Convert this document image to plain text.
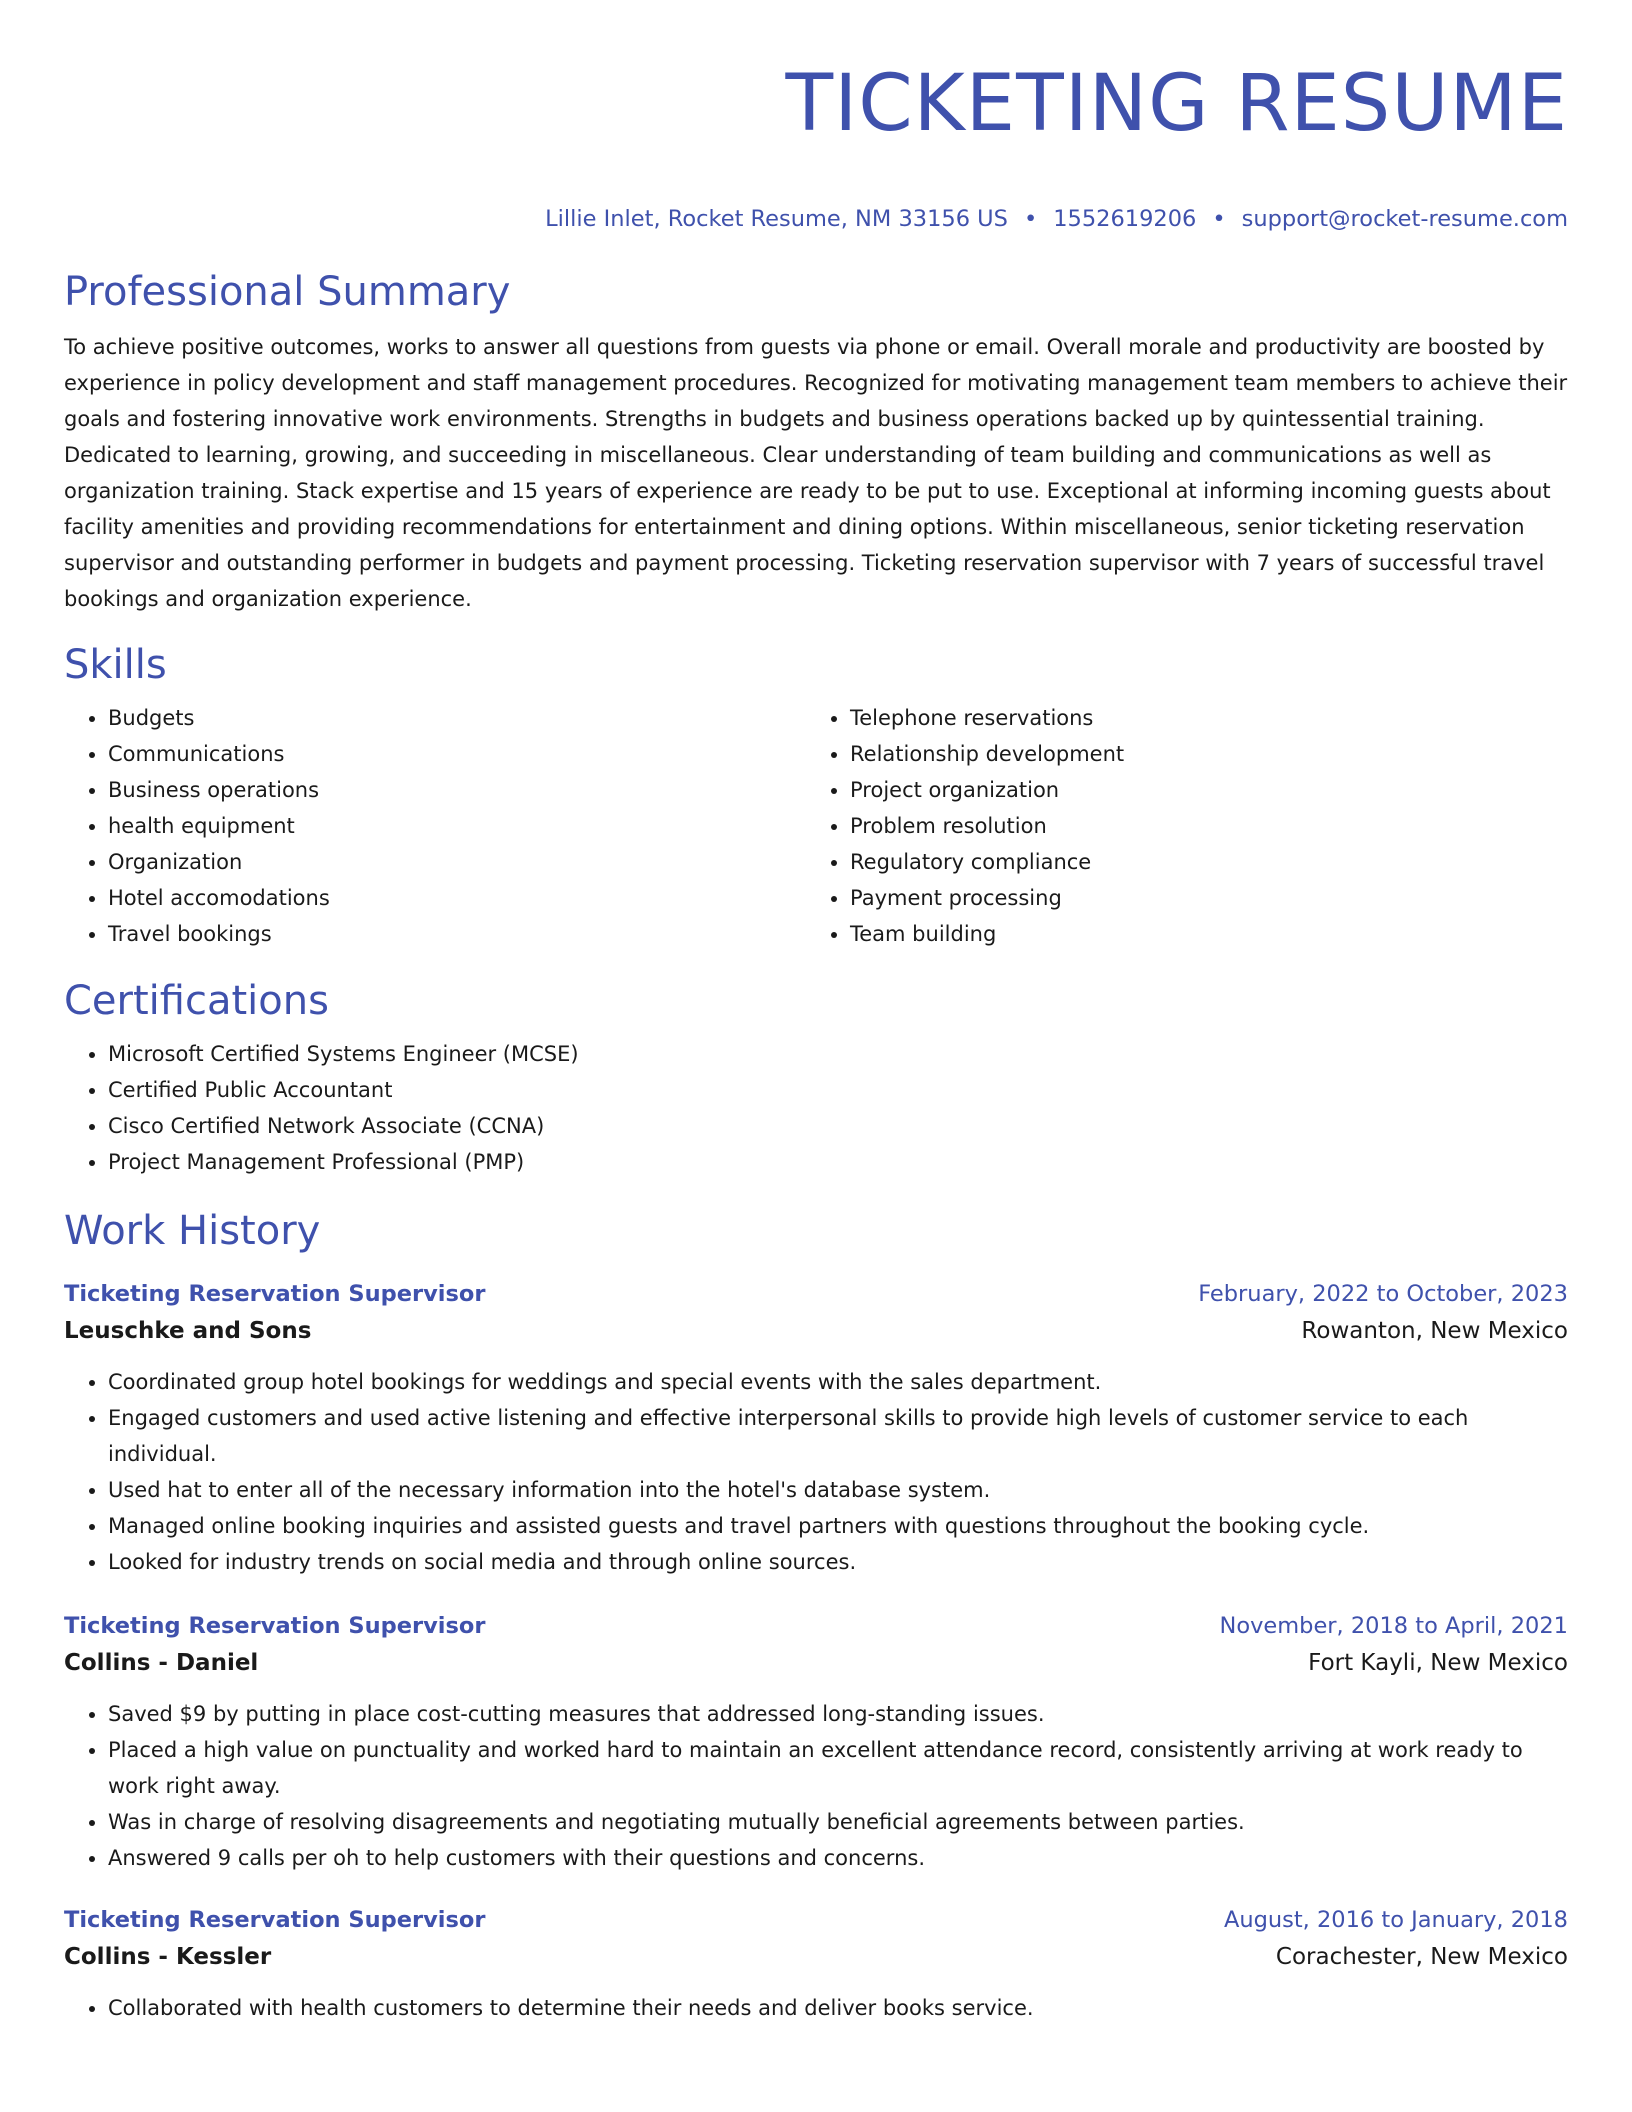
TICKETING RESUME
Lillie Inlet, Rocket Resume, NM 33156 US • 1552619206 • support@rocket-resume.com
Professional Summary

To achieve positive outcomes, works to answer all questions from guests via phone or email. Overall morale and productivity are boosted by experience in policy development and staff management procedures. Recognized for motivating management team members to achieve their goals and fostering innovative work environments. Strengths in budgets and business operations backed up by quintessential training. Dedicated to learning, growing, and succeeding in miscellaneous. Clear understanding of team building and communications as well as organization training. Stack expertise and 15 years of experience are ready to be put to use. Exceptional at informing incoming guests about facility amenities and providing recommendations for entertainment and dining options. Within miscellaneous, senior ticketing reservation supervisor and outstanding performer in budgets and payment processing. Ticketing reservation supervisor with 7 years of successful travel bookings and organization experience.

Skills
• Budgets
• Communications
• Business operations
• health equipment
• Organization
• Hotel accomodations
• Travel bookings
• Telephone reservations
• Relationship development
• Project organization
• Problem resolution
• Regulatory compliance
• Payment processing
• Team building
Certifications
• Microsoft Certified Systems Engineer (MCSE)
• Certified Public Accountant
• Cisco Certified Network Associate (CCNA)
• Project Management Professional (PMP)
Work History
Ticketing Reservation Supervisor	February, 2022 to October, 2023
Leuschke and Sons	Rowanton, New Mexico
• Coordinated group hotel bookings for weddings and special events with the sales department.
• Engaged customers and used active listening and effective interpersonal skills to provide high levels of customer service to each individual.
• Used hat to enter all of the necessary information into the hotel's database system.
• Managed online booking inquiries and assisted guests and travel partners with questions throughout the booking cycle.
• Looked for industry trends on social media and through online sources.
Ticketing Reservation Supervisor	November, 2018 to April, 2021
Collins - Daniel	Fort Kayli, New Mexico
• Saved $9 by putting in place cost-cutting measures that addressed long-standing issues.
• Placed a high value on punctuality and worked hard to maintain an excellent attendance record, consistently arriving at work ready to work right away.
• Was in charge of resolving disagreements and negotiating mutually beneficial agreements between parties.
• Answered 9 calls per oh to help customers with their questions and concerns.
Ticketing Reservation Supervisor	August, 2016 to January, 2018
Collins - Kessler	Corachester, New Mexico
• Collaborated with health customers to determine their needs and deliver books service.
